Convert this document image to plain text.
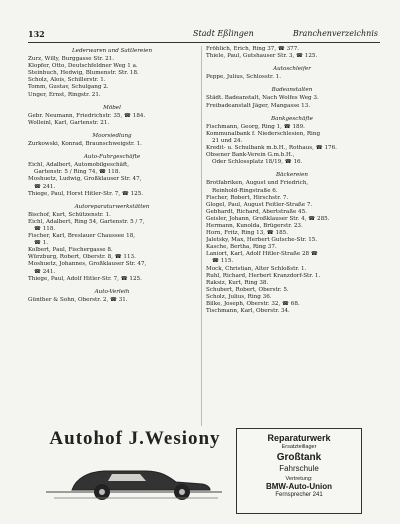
132	Stadt Eßlingen	Branchenverzeichnis
Lederwaren und Sattlereien
Zurz, Willy, Burggasse Str. 21.
Klopfer, Otto, Deutschfeldner Weg 1 a.
Steinbuch, Hedwig, Blumenstr. Str. 18.
Scholz, Alois, Schillerstr. 1.
Tomm, Gustav, Schulgang 2.
Unger, Ernst, Ringstr. 21.
Möbel
Gebr. Neumann, Friedrichstr. 35, ☎ 184.
Wolleinl, Karl, Gartenstr. 21.
Moorsiedlung
Zurkowski, Konrad, Braunschweigstr. 1.
Auto-Fuhrgeschäfte
Eichl, Adalbert, Automobilgeschäft,
Gartenstr. 5 / Ring 74, ☎ 118.
Moshuetz, Ludwig, Großklauser Str. 47,
☎ 241.
Thiege, Paul, Horst Hitler-Str. 7, ☎ 125.
Autoreparaturwerkstätten
Bischof, Kurt, Schützenstr. 1.
Eichl, Adalbert, Ring 54, Gartenstr. 5 / 7,
☎ 118.
Fischer, Karl, Breslauer Chaussee 18,
☎ 1.
Kolbert, Paul, Fischergasse 8.
Würzburg, Robert, Oberstr. 8, ☎ 113.
Moshuetz, Johannes, Großklauser Str. 47,
☎ 241.
Thiege, Paul, Adolf Hitler-Str. 7, ☎ 125.
Auto-Verleih
Günther & Sohn, Oberstr. 2, ☎ 31.
Fröhlich, Erich, Ring 37, ☎ 377.
Thiele, Paul, Gutshauser Str. 3, ☎ 125.
Autoschleifer
Peppe, Julius, Schlosstr. 1.
Badeanstalten
Städt. Badeanstalt, Nach Wolfes Weg 3.
Freibadeanstalt Jäger, Mangasse 13.
Bankgeschäfte
Fischmann, Georg, Ring 1, ☎ 189.
Kommunalbank f. Niederschlesien, Ring
21 und 24.
Kredit- u. Schulbank m.b.H., Rothaus, ☎ 176.
Obsener Bank-Verein G.m.b.H.,
Oder Schlossplatz 18/19, ☎ 16.
Bäckereien
Brotfabriken, August und Friedrich,
Reinhold-Ringstraße 6.
Fischer, Robert, Hirschstr. 7.
Glogel, Paul, August Feitler-Straße 7.
Gebhardt, Richard, Abertstraße 45.
Geisler, Johann, Großklauser Str. 4, ☎ 285.
Hermann, Kunolda, Brügerstr. 23.
Horn, Fritz, Ring 13, ☎ 185.
Jaletsky, Max, Herbert Gutsche-Str. 15.
Kasche, Bertha, Ring 37.
Laniort, Karl, Adolf Hitler-Straße 28 ☎
☎ 115.
Mock, Christian, Alter Schloßstr. 1.
Ruhl, Richard, Herbert Kranzdorf-Str. 1.
Raksiz, Kurt, Ring 38.
Schubert, Robert, Oberstr. 5.
Scholz, Julius, Ring 36.
Bilke, Joseph, Oberstr. 32, ☎ 68.
Tischmann, Karl, Oberstr. 34.
Autohof J.Wesiony	Reparaturwerk
Ersatzteillager
Großtank
Fahrschule
Vertretung:
BMW-Auto-Union
Fernsprecher 241
